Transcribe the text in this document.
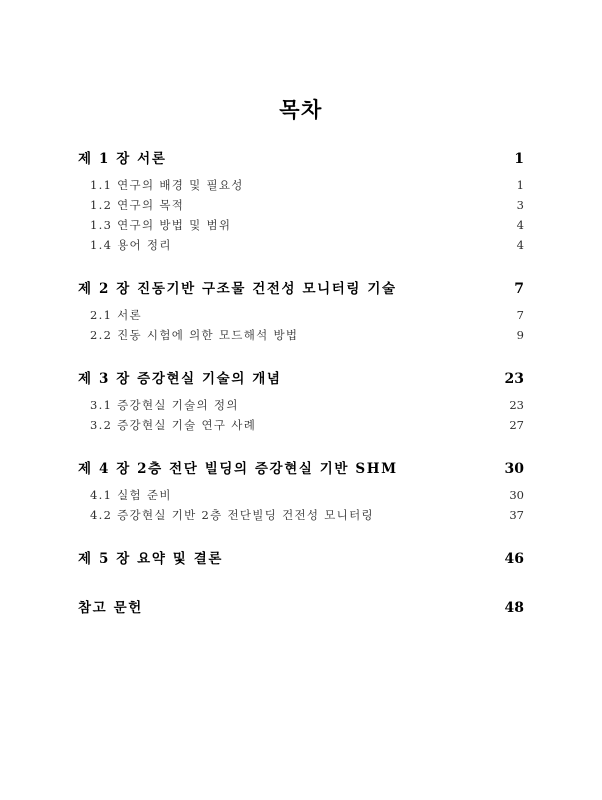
목차
제 1 장 서론	1
1.1 연구의 배경 및 필요성	1
1.2 연구의 목적	3
1.3 연구의 방법 및 범위	4
1.4 용어 정리	4
제 2 장 진동기반 구조물 건전성 모니터링 기술	7
2.1 서론	7
2.2 진동 시험에 의한 모드해석 방법	9
제 3 장 증강현실 기술의 개념	23
3.1 증강현실 기술의 정의	23
3.2 증강현실 기술 연구 사례	27
제 4 장 2층 전단 빌딩의 증강현실 기반 SHM	30
4.1 실험 준비	30
4.2 증강현실 기반 2층 전단빌딩 건전성 모니터링	37
제 5 장 요약 및 결론	46
참고 문헌	48
